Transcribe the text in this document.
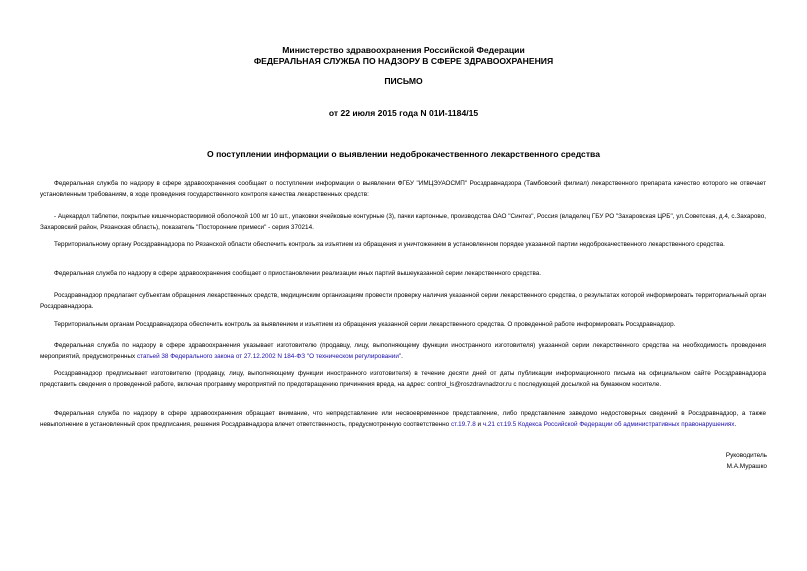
Министерство здравоохранения Российской Федерации
ФЕДЕРАЛЬНАЯ СЛУЖБА ПО НАДЗОРУ В СФЕРЕ ЗДРАВООХРАНЕНИЯ
ПИСЬМО
от 22 июля 2015 года N 01И-1184/15
О поступлении информации о выявлении недоброкачественного лекарственного средства

Федеральная служба по надзору в сфере здравоохранения сообщает о поступлении информации о выявлении ФГБУ "ИМЦЭУАОСМП" Росздравнадзора (Тамбовский филиал) лекарственного препарата качество которого не отвечает установленным требованиям, в ходе проведения государственного контроля качества лекарственных средств:

- Ацекардол таблетки, покрытые кишечнорастворимой оболочкой 100 мг 10 шт., упаковки ячейковые контурные (3), пачки картонные, производства ОАО "Синтез", Россия (владелец ГБУ РО "Захаровская ЦРБ", ул.Советская, д.4, с.Захарово, Захаровский район, Рязанская область), показатель "Посторонние примеси" - серия 370214.

Территориальному органу Росздравнадзора по Рязанской области обеспечить контроль за изъятием из обращения и уничтожением в установленном порядке указанной партии недоброкачественного лекарственного средства.

Федеральная служба по надзору в сфере здравоохранения сообщает о приостановлении реализации иных партий вышеуказанной серии лекарственного средства.

Росздравнадзор предлагает субъектам обращения лекарственных средств, медицинским организациям провести проверку наличия указанной серии лекарственного средства, о результатах которой информировать территориальный орган Росздравнадзора.

Территориальным органам Росздравнадзора обеспечить контроль за выявлением и изъятием из обращения указанной серии лекарственного средства. О проведенной работе информировать Росздравнадзор.

Федеральная служба по надзору в сфере здравоохранения указывает изготовителю (продавцу, лицу, выполняющему функции иностранного изготовителя) указанной серии лекарственного средства на необходимость проведения мероприятий, предусмотренных статьей 38 Федерального закона от 27.12.2002 N 184-ФЗ "О техническом регулировании".

Росздравнадзор предписывает изготовителю (продавцу, лицу, выполняющему функции иностранного изготовителя) в течение десяти дней от даты публикации информационного письма на официальном сайте Росздравнадзора представить сведения о проведенной работе, включая программу мероприятий по предотвращению причинения вреда, на адрес: control_ls@roszdravnadzor.ru с последующей досылкой на бумажном носителе.

Федеральная служба по надзору в сфере здравоохранения обращает внимание, что непредставление или несвоевременное представление, либо представление заведомо недостоверных сведений в Росздравнадзор, а также невыполнение в установленный срок предписания, решения Росздравнадзора влечет ответственность, предусмотренную соответственно ст.19.7.8 и ч.21 ст.19.5 Кодекса Российской Федерации об административных правонарушениях.

Руководитель
М.А.Мурашко
